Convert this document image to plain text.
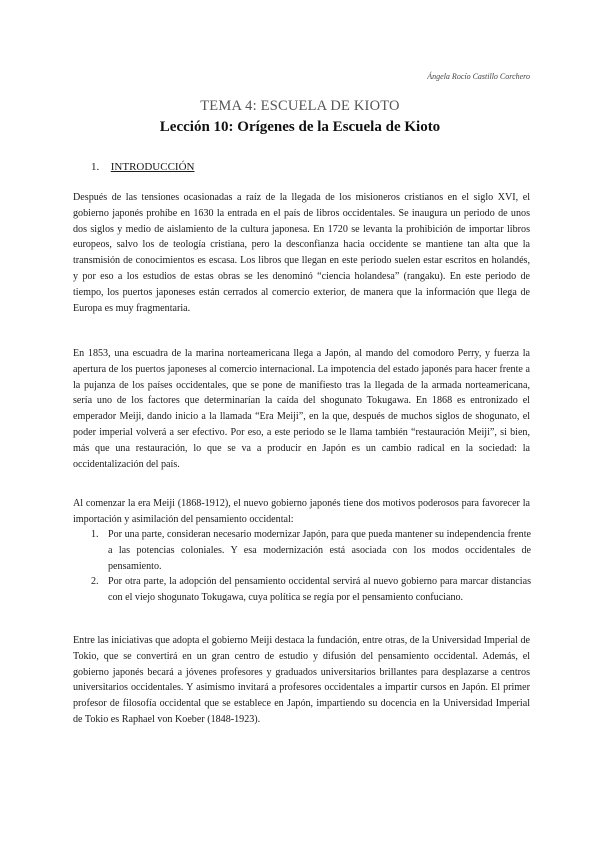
Ángela Rocío Castillo Corchero
TEMA 4: ESCUELA DE KIOTO
Lección 10: Orígenes de la Escuela de Kioto
1. INTRODUCCIÓN

Después de las tensiones ocasionadas a raíz de la llegada de los misioneros cristianos en el siglo XVI, el gobierno japonés prohíbe en 1630 la entrada en el país de libros occidentales. Se inaugura un periodo de unos dos siglos y medio de aislamiento de la cultura japonesa. En 1720 se levanta la prohibición de importar libros europeos, salvo los de teología cristiana, pero la desconfianza hacia occidente se mantiene tan alta que la transmisión de conocimientos es escasa. Los libros que llegan en este periodo suelen estar escritos en holandés, y por eso a los estudios de estas obras se les denominó “ciencia holandesa” (rangaku). En este periodo de tiempo, los puertos japoneses están cerrados al comercio exterior, de manera que la información que llega de Europa es muy fragmentaria.

En 1853, una escuadra de la marina norteamericana llega a Japón, al mando del comodoro Perry, y fuerza la apertura de los puertos japoneses al comercio internacional. La impotencia del estado japonés para hacer frente a la pujanza de los países occidentales, que se pone de manifiesto tras la llegada de la armada norteamericana, sería uno de los factores que determinarían la caída del shogunato Tokugawa. En 1868 es entronizado el emperador Meiji, dando inicio a la llamada “Era Meiji”, en la que, después de muchos siglos de shogunato, el poder imperial volverá a ser efectivo. Por eso, a este periodo se le llama también “restauración Meiji”, si bien, más que una restauración, lo que se va a producir en Japón es un cambio radical en la sociedad: la occidentalización del país.

Al comenzar la era Meiji (1868-1912), el nuevo gobierno japonés tiene dos motivos poderosos para favorecer la importación y asimilación del pensamiento occidental:

1. Por una parte, consideran necesario modernizar Japón, para que pueda mantener su independencia frente a las potencias coloniales. Y esa modernización está asociada con los modos occidentales de pensamiento.
2. Por otra parte, la adopción del pensamiento occidental servirá al nuevo gobierno para marcar distancias con el viejo shogunato Tokugawa, cuya política se regía por el pensamiento confuciano.

Entre las iniciativas que adopta el gobierno Meiji destaca la fundación, entre otras, de la Universidad Imperial de Tokio, que se convertirá en un gran centro de estudio y difusión del pensamiento occidental. Además, el gobierno japonés becará a jóvenes profesores y graduados universitarios brillantes para desplazarse a centros universitarios occidentales. Y asimismo invitará a profesores occidentales a impartir cursos en Japón. El primer profesor de filosofía occidental que se establece en Japón, impartiendo su docencia en la Universidad Imperial de Tokio es Raphael von Koeber (1848-1923).
